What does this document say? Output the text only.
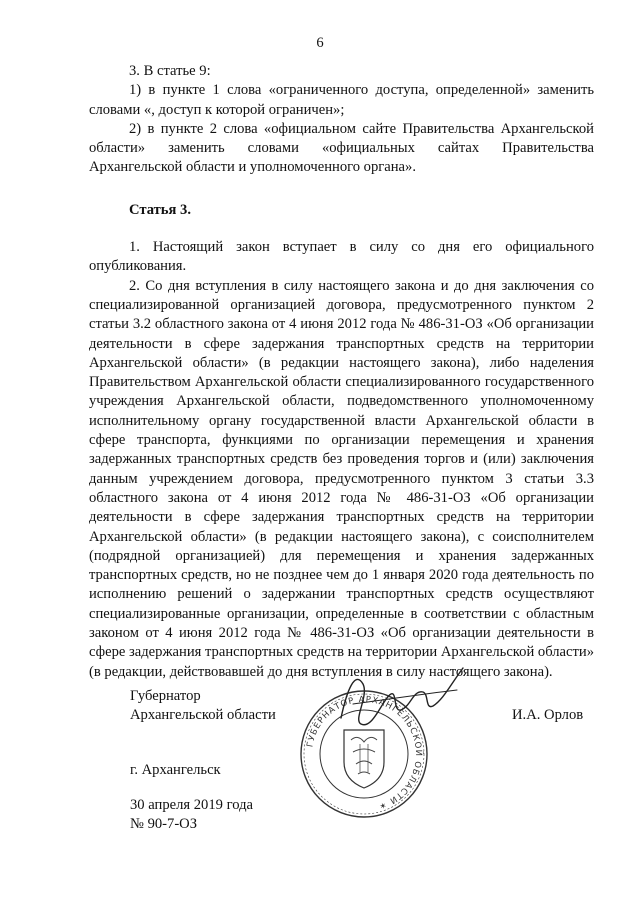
6

3. В статье 9:

1) в пункте 1 слова «ограниченного доступа, определенной» заменить словами «, доступ к которой ограничен»;

2) в пункте 2 слова «официальном сайте Правительства Архангельской области» заменить словами «официальных сайтах Правительства Архангельской области и уполномоченного органа».

Статья 3.

1. Настоящий закон вступает в силу со дня его официального опубликования.

2. Со дня вступления в силу настоящего закона и до дня заключения со специализированной организацией договора, предусмотренного пунктом 2 статьи 3.2 областного закона от 4 июня 2012 года № 486-31-ОЗ «Об организации деятельности в сфере задержания транспортных средств на территории Архангельской области» (в редакции настоящего закона), либо наделения Правительством Архангельской области специализированного государственного учреждения Архангельской области, подведомственного уполномоченному исполнительному органу государственной власти Архангельской области в сфере транспорта, функциями по организации перемещения и хранения задержанных транспортных средств без проведения торгов и (или) заключения данным учреждением договора, предусмотренного пунктом 3 статьи 3.3 областного закона от 4 июня 2012 года № 486-31-ОЗ «Об организации деятельности в сфере задержания транспортных средств на территории Архангельской области» (в редакции настоящего закона), с соисполнителем (подрядной организацией) для перемещения и хранения задержанных транспортных средств, но не позднее чем до 1 января 2020 года деятельность по исполнению решений о задержании транспортных средств осуществляют специализированные организации, определенные в соответствии с областным законом от 4 июня 2012 года № 486-31-ОЗ «Об организации деятельности в сфере задержания транспортных средств на территории Архангельской области» (в редакции, действовавшей до дня вступления в силу настоящего закона).

Губернатор
Архангельской области	И.А. Орлов
г. Архангельск
30 апреля 2019 года
№ 90-7-ОЗ
ГУБЕРНАТОР АРХАНГЕЛЬСКОЙ ОБЛАСТИ ✶
